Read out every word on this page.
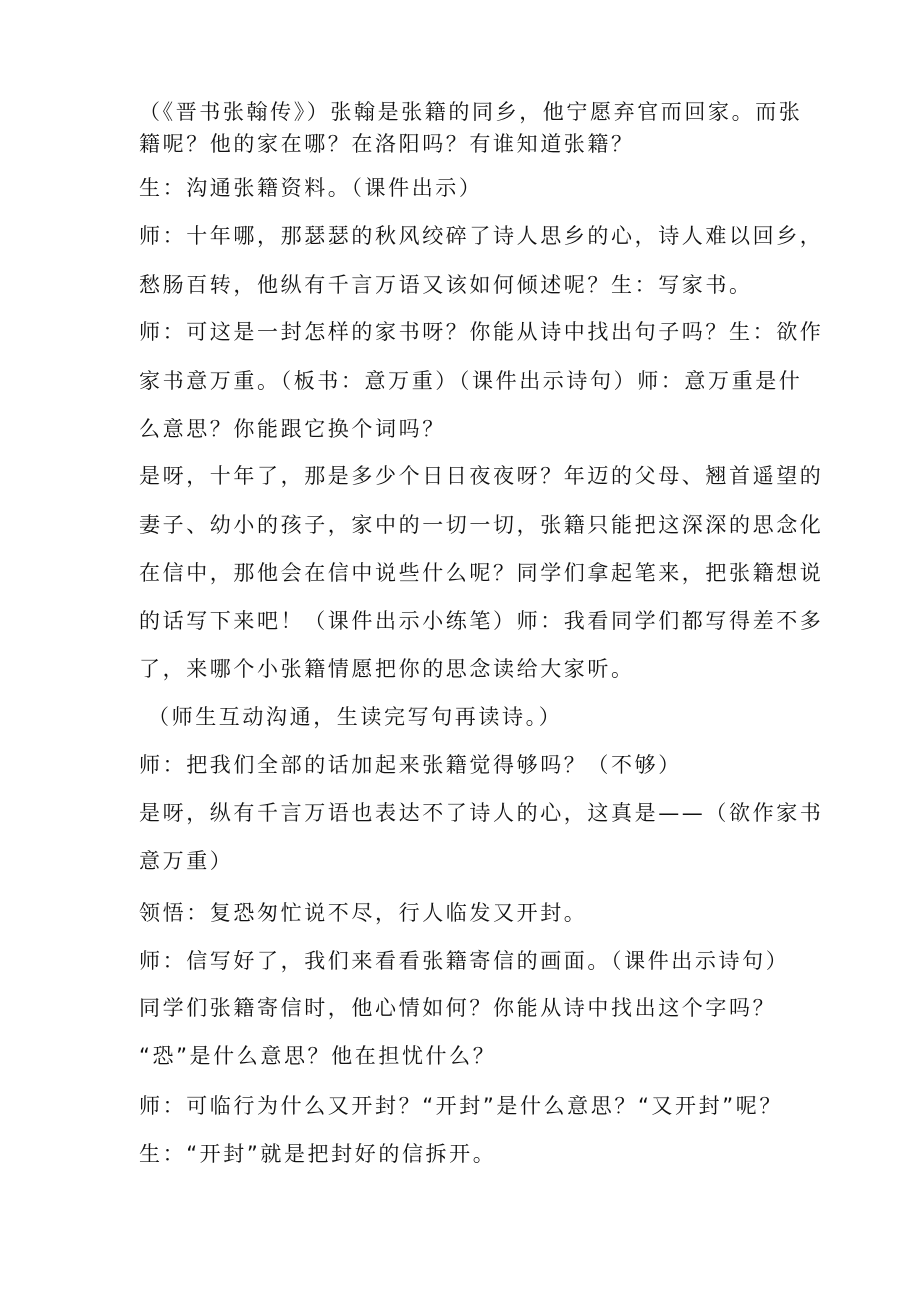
（《晋书张翰传》）张翰是张籍的同乡，他宁愿弃官而回家。而张
籍呢？他的家在哪？在洛阳吗？有谁知道张籍？
生：沟通张籍资料。（课件出示）
师：十年哪，那瑟瑟的秋风绞碎了诗人思乡的心，诗人难以回乡，
愁肠百转，他纵有千言万语又该如何倾述呢？生：写家书。
师：可这是一封怎样的家书呀？你能从诗中找出句子吗？生：欲作
家书意万重。（板书：意万重）（课件出示诗句）师：意万重是什
么意思？你能跟它换个词吗？
是呀，十年了，那是多少个日日夜夜呀？年迈的父母、翘首遥望的
妻子、幼小的孩子，家中的一切一切，张籍只能把这深深的思念化
在信中，那他会在信中说些什么呢？同学们拿起笔来，把张籍想说
的话写下来吧！（课件出示小练笔）师：我看同学们都写得差不多
了，来哪个小张籍情愿把你的思念读给大家听。
（师生互动沟通，生读完写句再读诗。）
师：把我们全部的话加起来张籍觉得够吗？（不够）
是呀，纵有千言万语也表达不了诗人的心，这真是——（欲作家书
意万重）
领悟：复恐匆忙说不尽，行人临发又开封。
师：信写好了，我们来看看张籍寄信的画面。（课件出示诗句）
同学们张籍寄信时，他心情如何？你能从诗中找出这个字吗？
“恐”是什么意思？他在担忧什么？
师：可临行为什么又开封？“开封”是什么意思？“又开封”呢？
生：“开封”就是把封好的信拆开。
